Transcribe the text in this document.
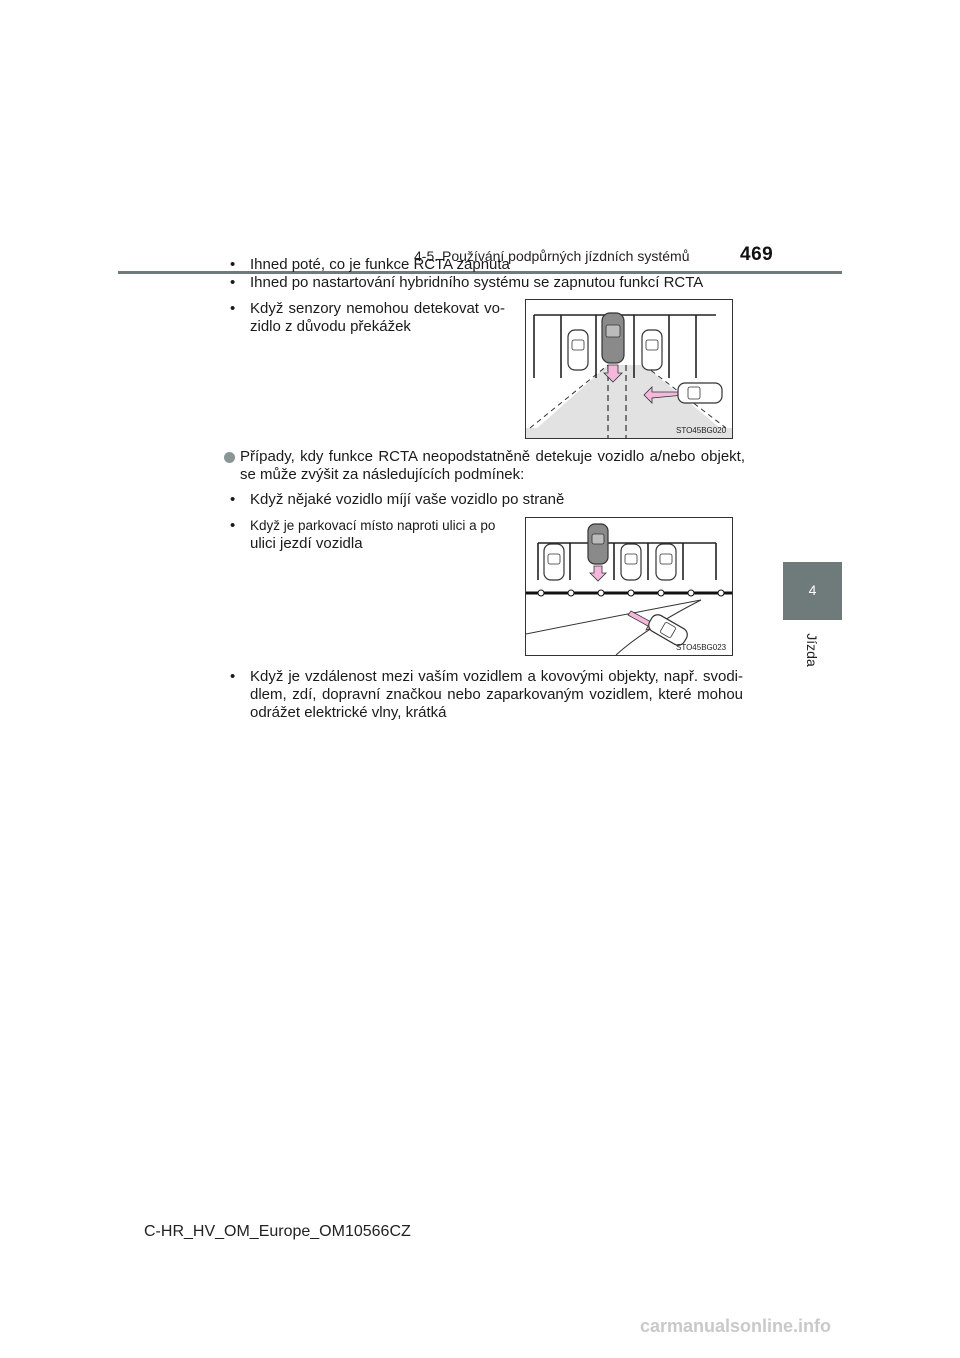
4-5. Používání podpůrných jízdních systémů	469
4
Jízda
• Ihned poté, co je funkce RCTA zapnuta
• Ihned po nastartování hybridního systému se zapnutou funkcí RCTA
• Když senzory nemohou detekovat vo-
zidlo z důvodu překážek
STO45BG020
Případy, kdy funkce RCTA neopodstatněně detekuje vozidlo a/nebo objekt,
se může zvýšit za následujících podmínek:
• Když nějaké vozidlo míjí vaše vozidlo po straně
• Když je parkovací místo naproti ulici a po
ulici jezdí vozidla
STO45BG023
• Když je vzdálenost mezi vaším vozidlem a kovovými objekty, např. svodi-
dlem, zdí, dopravní značkou nebo zaparkovaným vozidlem, které mohou
odrážet elektrické vlny, krátká
C-HR_HV_OM_Europe_OM10566CZ
carmanualsonline.info
